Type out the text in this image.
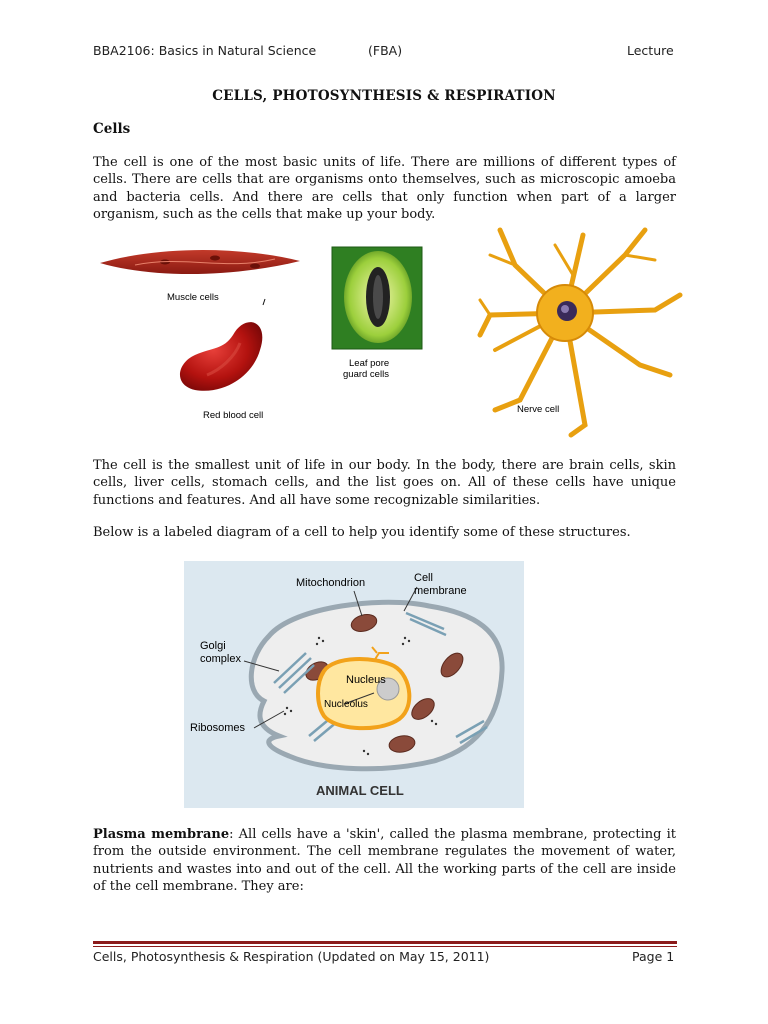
BBA2106: Basics in Natural Science	(FBA)	Lecture
CELLS, PHOTOSYNTHESIS & RESPIRATION
Cells
The cell is one of the most basic units of life. There are millions of different types of cells. There are cells that are organisms onto themselves, such as microscopic amoeba and bacteria cells. And there are cells that only function when part of a larger organism, such as the cells that make up your body.
Muscle cells
Red blood cell
Leaf pore
guard cells
Nerve cell
The cell is the smallest unit of life in our body. In the body, there are brain cells, skin cells, liver cells, stomach cells, and the list goes on. All of these cells have unique functions and features. And all have some recognizable similarities.
Below is a labeled diagram of a cell to help you identify some of these structures.
Mitochondrion	Cell
membrane
Golgi
complex
Nucleus
Nucleolus
Ribosomes
ANIMAL CELL
Plasma membrane: All cells have a 'skin', called the plasma membrane, protecting it from the outside environment. The cell membrane regulates the movement of water, nutrients and wastes into and out of the cell. All the working parts of the cell are inside of the cell membrane. They are:
Cells, Photosynthesis & Respiration (Updated on May 15, 2011)	Page 1
